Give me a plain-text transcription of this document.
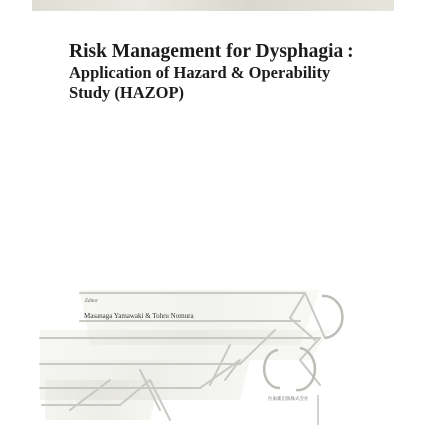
Risk Management for Dysphagia :
Application of Hazard & Operability
Study (HAZOP)
Editor
Masanaga Yamawaki & Tohru Nomura
医歯薬出版株式会社
